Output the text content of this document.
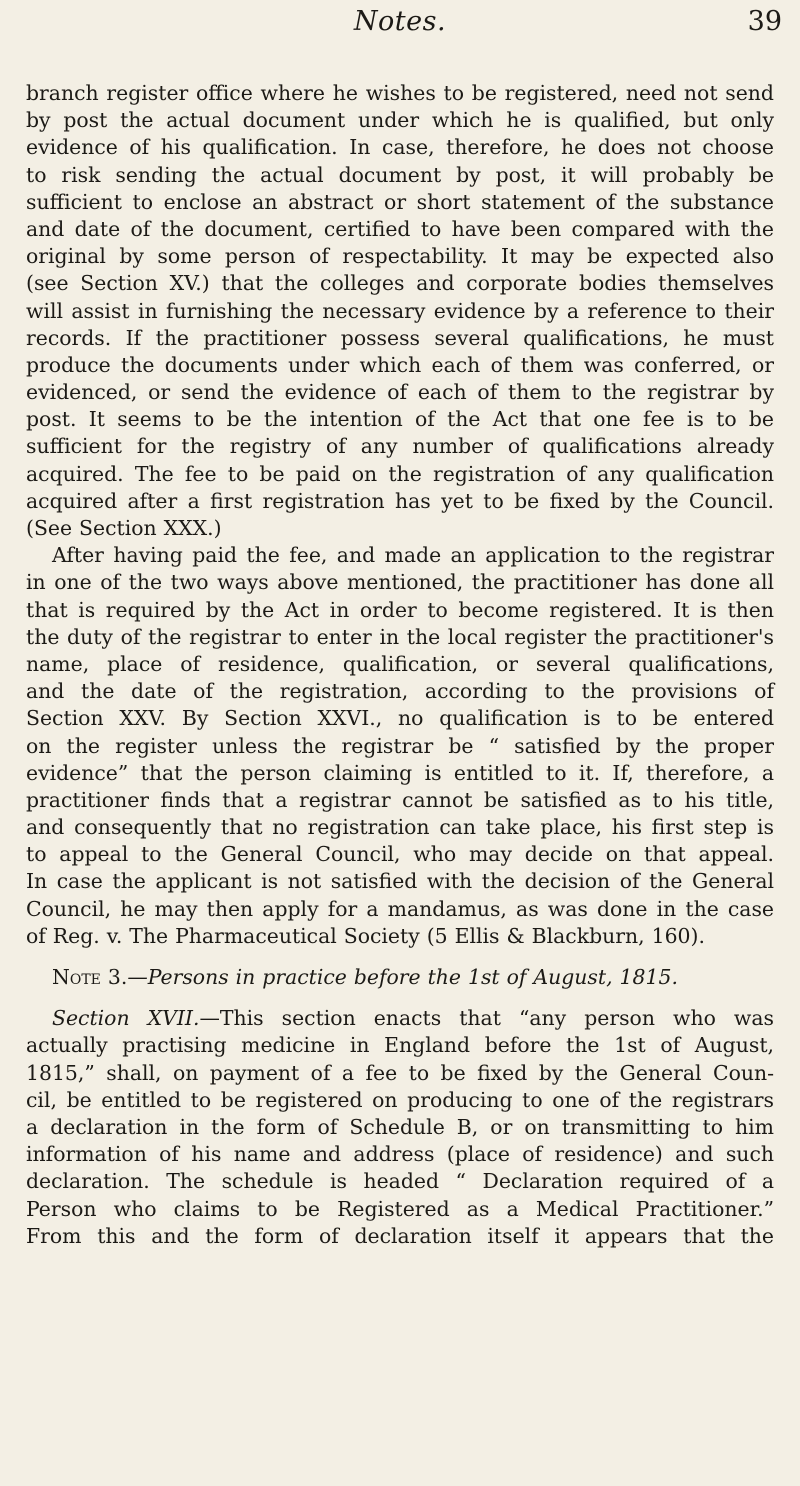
Notes.	39
branch register office where he wishes to be registered, need not send
by post the actual document under which he is qualified, but only
evidence of his qualification. In case, therefore, he does not choose
to risk sending the actual document by post, it will probably be
sufficient to enclose an abstract or short statement of the substance
and date of the document, certified to have been compared with the
original by some person of respectability. It may be expected also
(see Section XV.) that the colleges and corporate bodies themselves
will assist in furnishing the necessary evidence by a reference to their
records. If the practitioner possess several qualifications, he must
produce the documents under which each of them was conferred, or
evidenced, or send the evidence of each of them to the registrar by
post. It seems to be the intention of the Act that one fee is to be
sufficient for the registry of any number of qualifications already
acquired. The fee to be paid on the registration of any qualification
acquired after a first registration has yet to be fixed by the Council.
(See Section XXX.)
After having paid the fee, and made an application to the registrar
in one of the two ways above mentioned, the practitioner has done all
that is required by the Act in order to become registered. It is then
the duty of the registrar to enter in the local register the practitioner's
name, place of residence, qualification, or several qualifications,
and the date of the registration, according to the provisions of
Section XXV. By Section XXVI., no qualification is to be entered
on the register unless the registrar be “ satisfied by the proper
evidence” that the person claiming is entitled to it. If, therefore, a
practitioner finds that a registrar cannot be satisfied as to his title,
and consequently that no registration can take place, his first step is
to appeal to the General Council, who may decide on that appeal.
In case the applicant is not satisfied with the decision of the General
Council, he may then apply for a mandamus, as was done in the case
of Reg. v. The Pharmaceutical Society (5 Ellis & Blackburn, 160).
Note 3.—Persons in practice before the 1st of August, 1815.
Section XVII.—This section enacts that “any person who was
actually practising medicine in England before the 1st of August,
1815,” shall, on payment of a fee to be fixed by the General Coun-
cil, be entitled to be registered on producing to one of the registrars
a declaration in the form of Schedule B, or on transmitting to him
information of his name and address (place of residence) and such
declaration. The schedule is headed “ Declaration required of a
Person who claims to be Registered as a Medical Practitioner.”
From this and the form of declaration itself it appears that the
